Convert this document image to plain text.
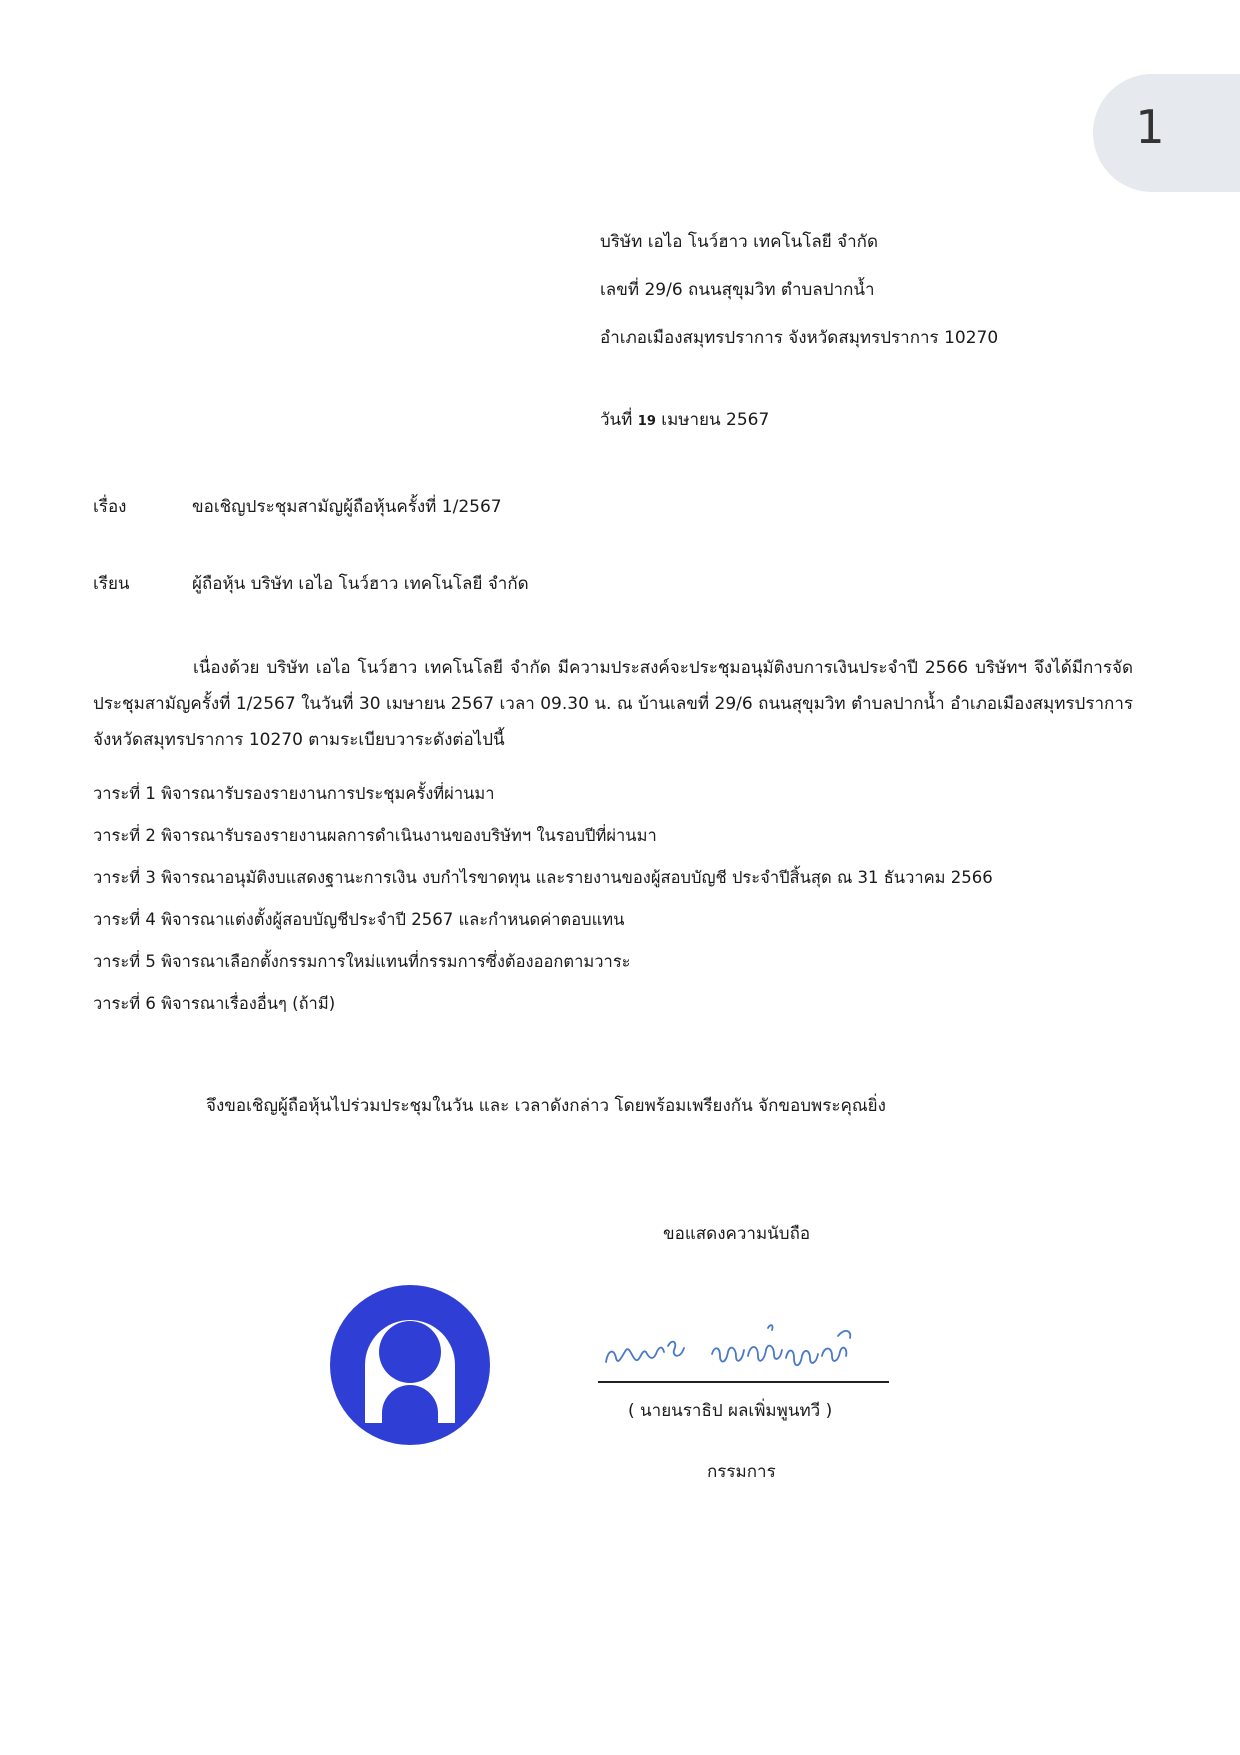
1
บริษัท เอไอ โนว์ฮาว เทคโนโลยี จำกัด
เลขที่ 29/6 ถนนสุขุมวิท ตำบลปากน้ำ
อำเภอเมืองสมุทรปราการ จังหวัดสมุทรปราการ 10270
วันที่ 19 เมษายน 2567
เรื่อง	ขอเชิญประชุมสามัญผู้ถือหุ้นครั้งที่ 1/2567
เรียน	ผู้ถือหุ้น บริษัท เอไอ โนว์ฮาว เทคโนโลยี จำกัด
เนื่องด้วย บริษัท เอไอ โนว์ฮาว เทคโนโลยี จำกัด มีความประสงค์จะประชุมอนุมัติงบการเงินประจำปี 2566 บริษัทฯ จึงได้มีการจัดประชุมสามัญครั้งที่ 1/2567 ในวันที่ 30 เมษายน 2567 เวลา 09.30 น. ณ บ้านเลขที่ 29/6 ถนนสุขุมวิท ตำบลปากน้ำ อำเภอเมืองสมุทรปราการ จังหวัดสมุทรปราการ 10270 ตามระเบียบวาระดังต่อไปนี้
วาระที่ 1 พิจารณารับรองรายงานการประชุมครั้งที่ผ่านมา
วาระที่ 2 พิจารณารับรองรายงานผลการดำเนินงานของบริษัทฯ ในรอบปีที่ผ่านมา
วาระที่ 3 พิจารณาอนุมัติงบแสดงฐานะการเงิน งบกำไรขาดทุน และรายงานของผู้สอบบัญชี ประจำปีสิ้นสุด ณ 31 ธันวาคม 2566
วาระที่ 4 พิจารณาแต่งตั้งผู้สอบบัญชีประจำปี 2567 และกำหนดค่าตอบแทน
วาระที่ 5 พิจารณาเลือกตั้งกรรมการใหม่แทนที่กรรมการซึ่งต้องออกตามวาระ
วาระที่ 6 พิจารณาเรื่องอื่นๆ (ถ้ามี)
จึงขอเชิญผู้ถือหุ้นไปร่วมประชุมในวัน และ เวลาดังกล่าว โดยพร้อมเพรียงกัน จักขอบพระคุณยิ่ง
ขอแสดงความนับถือ
( นายนราธิป ผลเพิ่มพูนทวี )
กรรมการ
